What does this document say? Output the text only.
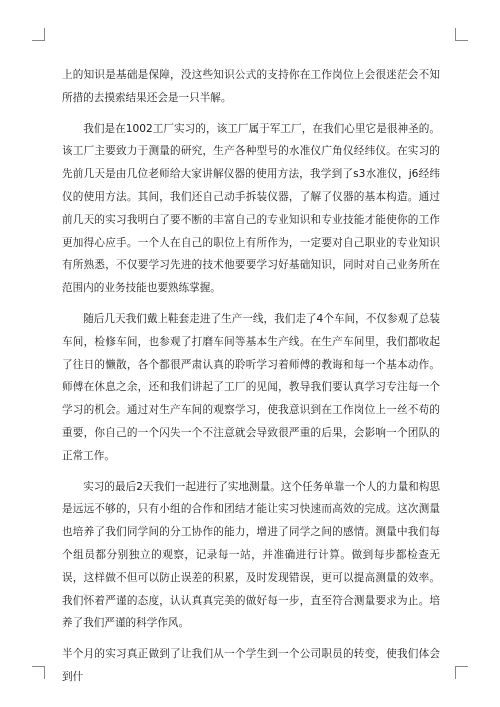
上的知识是基础是保障，没这些知识公式的支持你在工作岗位上会很迷茫会不知所措的去摸索结果还会是一只半解。

我们是在1002工厂实习的，该工厂属于军工厂，在我们心里它是很神圣的。该工厂主要致力于测量的研究，生产各种型号的水准仪广角仪经纬仪。在实习的先前几天是由几位老师给大家讲解仪器的使用方法，我学到了s3水准仪，j6经纬仪的使用方法。其间，我们还自己动手拆装仪器，了解了仪器的基本构造。通过前几天的实习我明白了要不断的丰富自己的专业知识和专业技能才能使你的工作更加得心应手。一个人在自己的职位上有所作为，一定要对自己职业的专业知识有所熟悉，不仅要学习先进的技术他要要学习好基础知识，同时对自己业务所在范围内的业务技能也要熟练掌握。

随后几天我们戴上鞋套走进了生产一线，我们走了4个车间，不仅参观了总装车间，检修车间，也参观了打磨车间等基本生产线。在生产车间里，我们都收起了往日的懒散，各个都很严肃认真的聆听学习着师傅的教诲和每一个基本动作。师傅在休息之余，还和我们讲起了工厂的见闻，教导我们要认真学习专注每一个学习的机会。通过对生产车间的观察学习，使我意识到在工作岗位上一丝不苟的重要，你自己的一个闪失一个不注意就会导致很严重的后果，会影响一个团队的正常工作。

实习的最后2天我们一起进行了实地测量。这个任务单靠一个人的力量和构思是远远不够的，只有小组的合作和团结才能让实习快速而高效的完成。这次测量也培养了我们同学间的分工协作的能力，增进了同学之间的感情。测量中我们每个组员都分别独立的观察，记录每一站，并准确进行计算。做到每步都检查无误，这样做不但可以防止误差的积累，及时发现错误，更可以提高测量的效率。我们怀着严谨的态度，认认真真完美的做好每一步，直至符合测量要求为止。培养了我们严谨的科学作风。

半个月的实习真正做到了让我们从一个学生到一个公司职员的转变，使我们体会到什
